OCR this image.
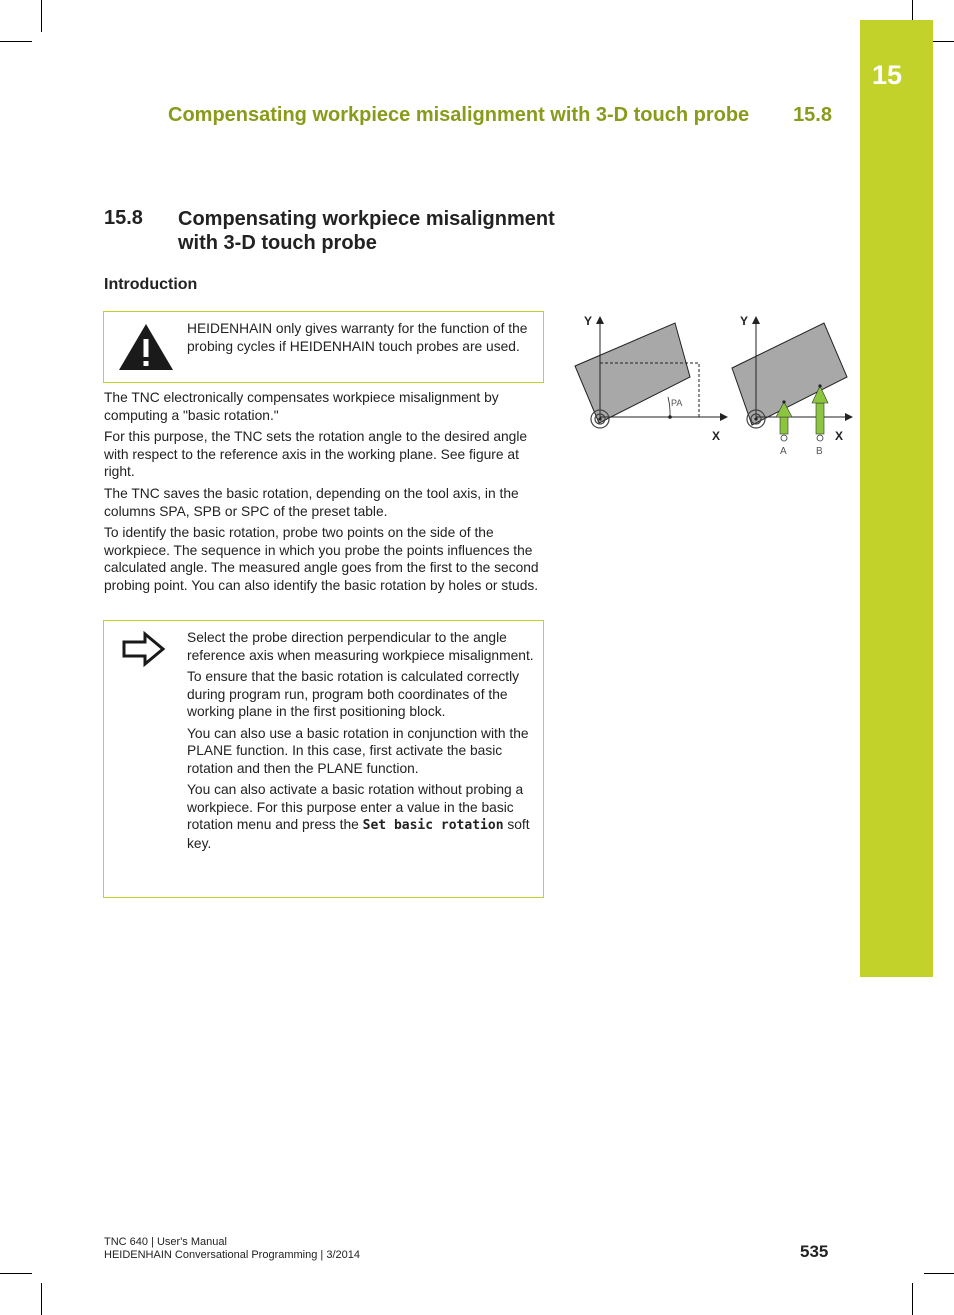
15
Compensating workpiece misalignment with 3-D touch probe 15.8
15.8 Compensating workpiece misalignment with 3-D touch probe
Introduction

HEIDENHAIN only gives warranty for the function of the probing cycles if HEIDENHAIN touch probes are used.

The TNC electronically compensates workpiece misalignment by computing a "basic rotation."

For this purpose, the TNC sets the rotation angle to the desired angle with respect to the reference axis in the working plane. See figure at right.

The TNC saves the basic rotation, depending on the tool axis, in the columns SPA, SPB or SPC of the preset table.

To identify the basic rotation, probe two points on the side of the workpiece. The sequence in which you probe the points influences the calculated angle. The measured angle goes from the first to the second probing point. You can also identify the basic rotation by holes or studs.

Select the probe direction perpendicular to the angle reference axis when measuring workpiece misalignment.

To ensure that the basic rotation is calculated correctly during program run, program both coordinates of the working plane in the first positioning block.

You can also use a basic rotation in conjunction with the PLANE function. In this case, first activate the basic rotation and then the PLANE function.

You can also activate a basic rotation without probing a workpiece. For this purpose enter a value in the basic rotation menu and press the Set basic rotation soft key.

Y
X
PA
Y
X
A	B
TNC 640 | User's Manual
HEIDENHAIN Conversational Programming | 3/2014	535
